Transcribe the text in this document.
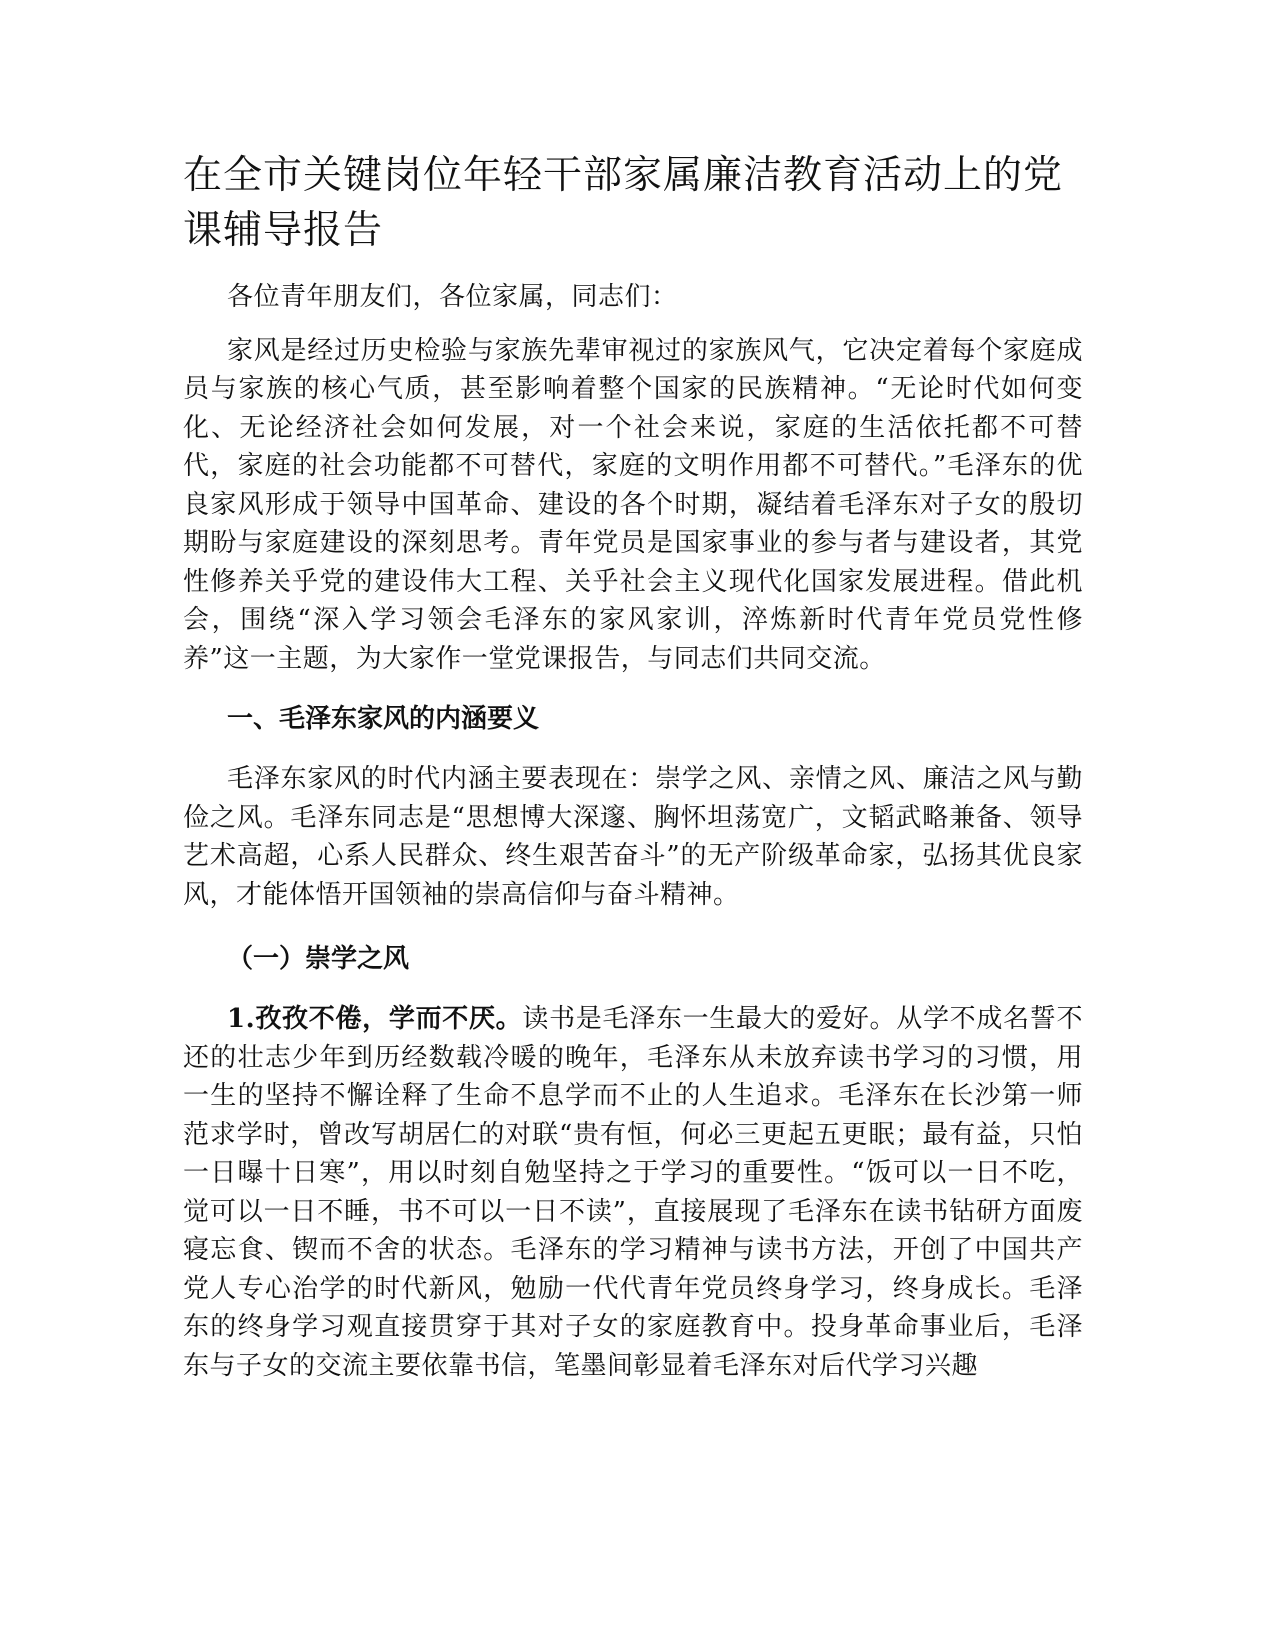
在全市关键岗位年轻干部家属廉洁教育活动上的党课辅导报告

各位青年朋友们，各位家属，同志们：

家风是经过历史检验与家族先辈审视过的家族风气，它决定着每个家庭成员与家族的核心气质，甚至影响着整个国家的民族精神。“无论时代如何变化、无论经济社会如何发展，对一个社会来说，家庭的生活依托都不可替代，家庭的社会功能都不可替代，家庭的文明作用都不可替代。”毛泽东的优良家风形成于领导中国革命、建设的各个时期，凝结着毛泽东对子女的殷切期盼与家庭建设的深刻思考。青年党员是国家事业的参与者与建设者，其党性修养关乎党的建设伟大工程、关乎社会主义现代化国家发展进程。借此机会，围绕“深入学习领会毛泽东的家风家训，淬炼新时代青年党员党性修养”这一主题，为大家作一堂党课报告，与同志们共同交流。

一、毛泽东家风的内涵要义

毛泽东家风的时代内涵主要表现在：崇学之风、亲情之风、廉洁之风与勤俭之风。毛泽东同志是“思想博大深邃、胸怀坦荡宽广，文韬武略兼备、领导艺术高超，心系人民群众、终生艰苦奋斗”的无产阶级革命家，弘扬其优良家风，才能体悟开国领袖的崇高信仰与奋斗精神。

（一）崇学之风

1.孜孜不倦，学而不厌。读书是毛泽东一生最大的爱好。从学不成名誓不还的壮志少年到历经数载冷暖的晚年，毛泽东从未放弃读书学习的习惯，用一生的坚持不懈诠释了生命不息学而不止的人生追求。毛泽东在长沙第一师范求学时，曾改写胡居仁的对联“贵有恒，何必三更起五更眠；最有益，只怕一日曝十日寒”，用以时刻自勉坚持之于学习的重要性。“饭可以一日不吃，觉可以一日不睡，书不可以一日不读”，直接展现了毛泽东在读书钻研方面废寝忘食、锲而不舍的状态。毛泽东的学习精神与读书方法，开创了中国共产党人专心治学的时代新风，勉励一代代青年党员终身学习，终身成长。毛泽东的终身学习观直接贯穿于其对子女的家庭教育中。投身革命事业后，毛泽东与子女的交流主要依靠书信，笔墨间彰显着毛泽东对后代学习兴趣
